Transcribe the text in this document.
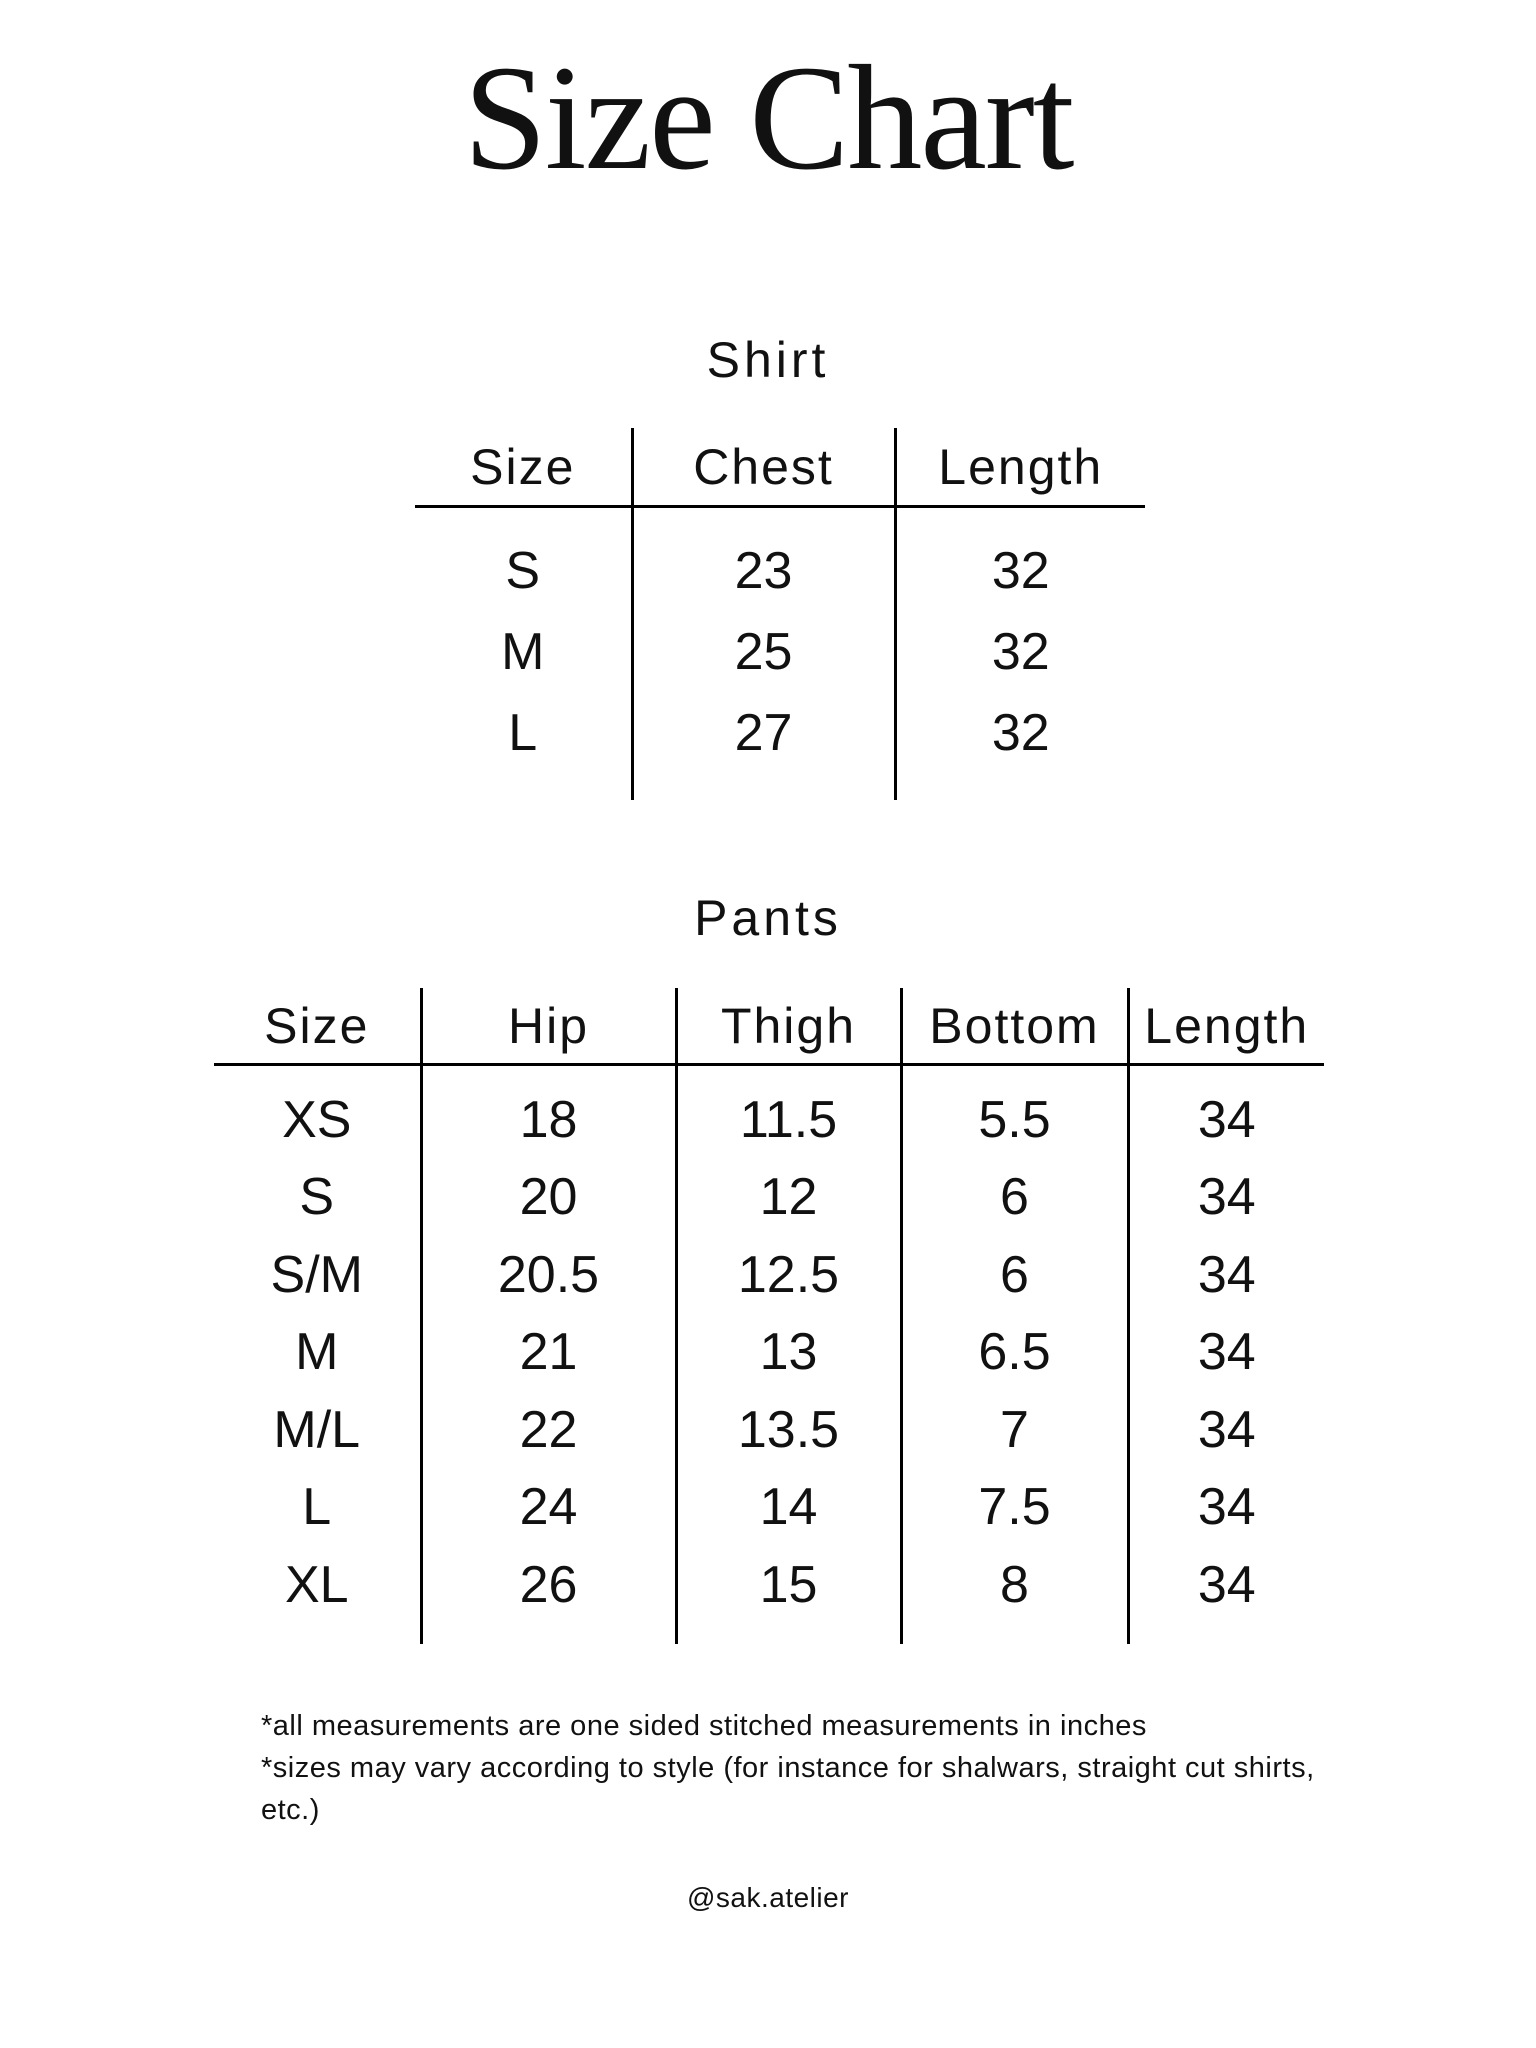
Size Chart
Shirt
Size	Chest	Length

S	23	32
M	25	32
L	27	32

Pants
Size	Hip	Thigh	Bottom	Length

XS	18	11.5	5.5	34
S	20	12	6	34
S/M	20.5	12.5	6	34
M	21	13	6.5	34
M/L	22	13.5	7	34
L	24	14	7.5	34
XL	26	15	8	34

*all measurements are one sided stitched measurements in inches

*sizes may vary according to style (for instance for shalwars, straight cut shirts, etc.)

@sak.atelier
